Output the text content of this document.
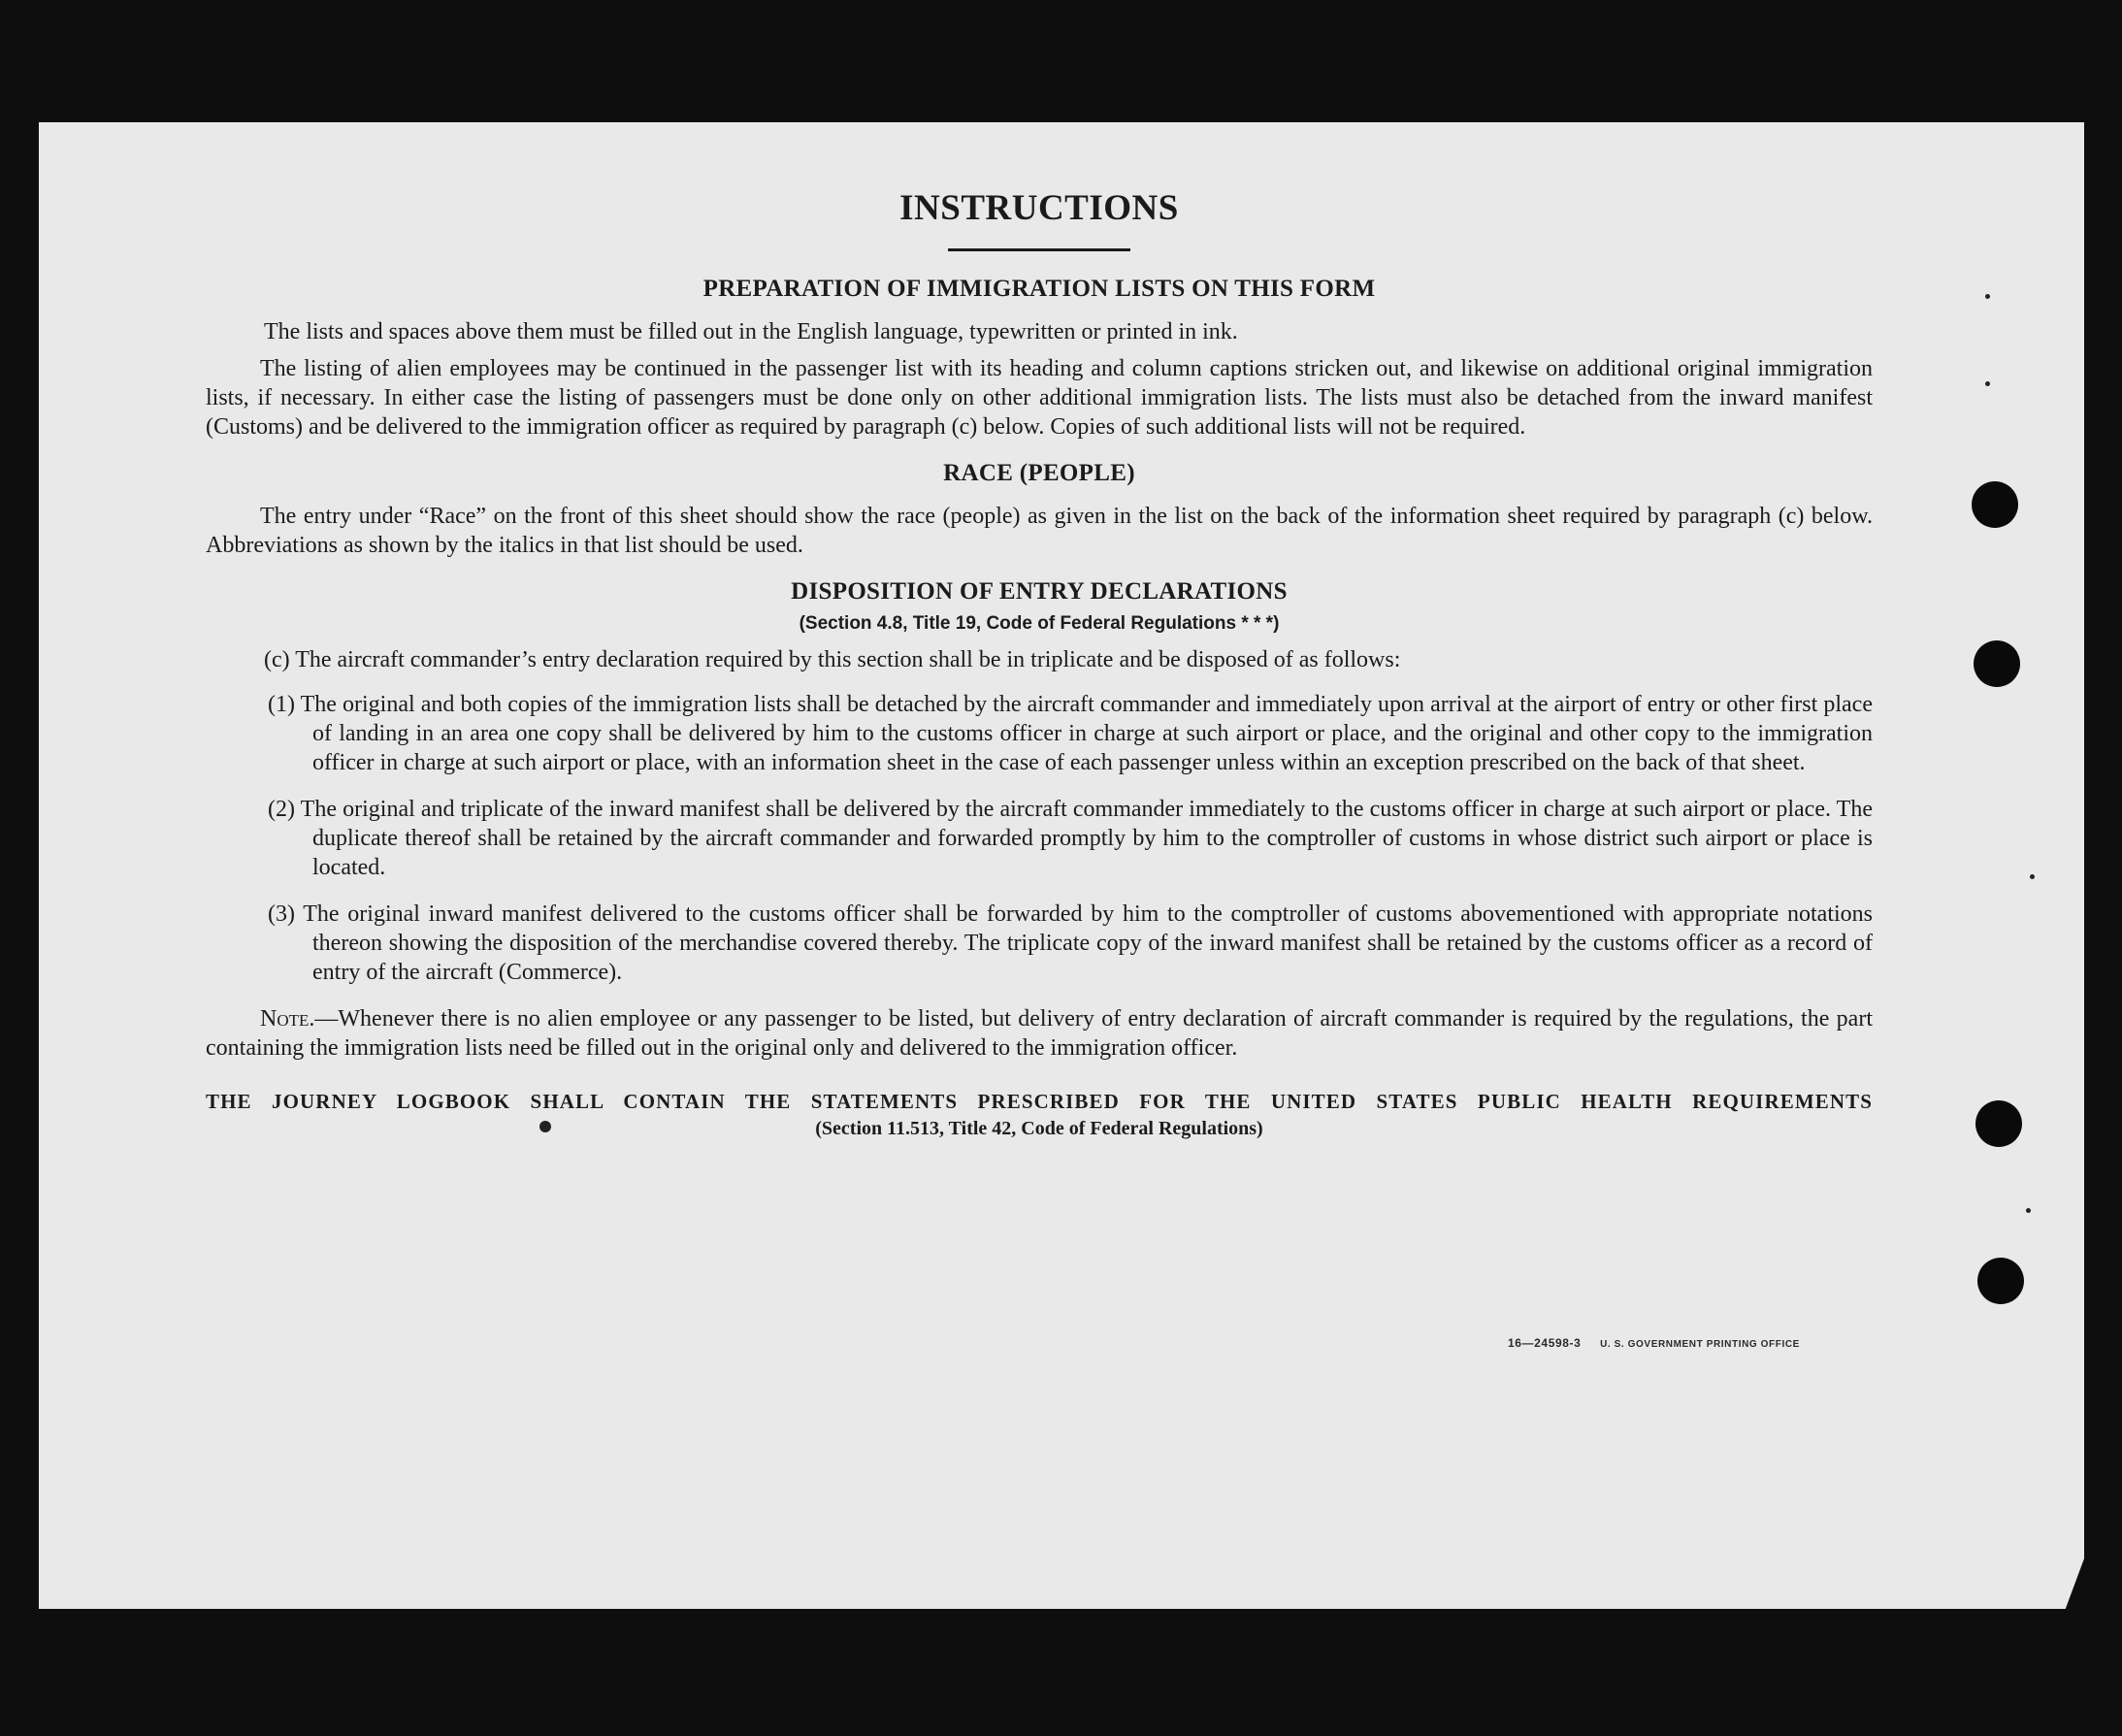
INSTRUCTIONS
PREPARATION OF IMMIGRATION LISTS ON THIS FORM

The lists and spaces above them must be filled out in the English language, typewritten or printed in ink.

The listing of alien employees may be continued in the passenger list with its heading and column captions stricken out, and likewise on additional original immigration lists, if necessary. In either case the listing of passengers must be done only on other additional immigration lists. The lists must also be detached from the inward manifest (Customs) and be delivered to the immigration officer as required by paragraph (c) below. Copies of such additional lists will not be required.

RACE (PEOPLE)

The entry under “Race” on the front of this sheet should show the race (people) as given in the list on the back of the information sheet required by paragraph (c) below. Abbreviations as shown by the italics in that list should be used.

DISPOSITION OF ENTRY DECLARATIONS
(Section 4.8, Title 19, Code of Federal Regulations * * *)

(c) The aircraft commander’s entry declaration required by this section shall be in triplicate and be disposed of as follows:

(1) The original and both copies of the immigration lists shall be detached by the aircraft commander and immediately upon arrival at the airport of entry or other first place of landing in an area one copy shall be delivered by him to the customs officer in charge at such airport or place, and the original and other copy to the immigration officer in charge at such airport or place, with an information sheet in the case of each passenger unless within an exception prescribed on the back of that sheet.
(2) The original and triplicate of the inward manifest shall be delivered by the aircraft commander immediately to the customs officer in charge at such airport or place. The duplicate thereof shall be retained by the aircraft commander and forwarded promptly by him to the comptroller of customs in whose district such airport or place is located.
(3) The original inward manifest delivered to the customs officer shall be forwarded by him to the comptroller of customs abovementioned with appropriate notations thereon showing the disposition of the merchandise covered thereby. The triplicate copy of the inward manifest shall be retained by the customs officer as a record of entry of the aircraft (Commerce).

Note.—Whenever there is no alien employee or any passenger to be listed, but delivery of entry declaration of aircraft commander is required by the regulations, the part containing the immigration lists need be filled out in the original only and delivered to the immigration officer.

THE JOURNEY LOGBOOK SHALL CONTAIN THE STATEMENTS PRESCRIBED FOR THE UNITED STATES PUBLIC HEALTH REQUIREMENTS
(Section 11.513, Title 42, Code of Federal Regulations)
16—24598-3 U. S. GOVERNMENT PRINTING OFFICE
